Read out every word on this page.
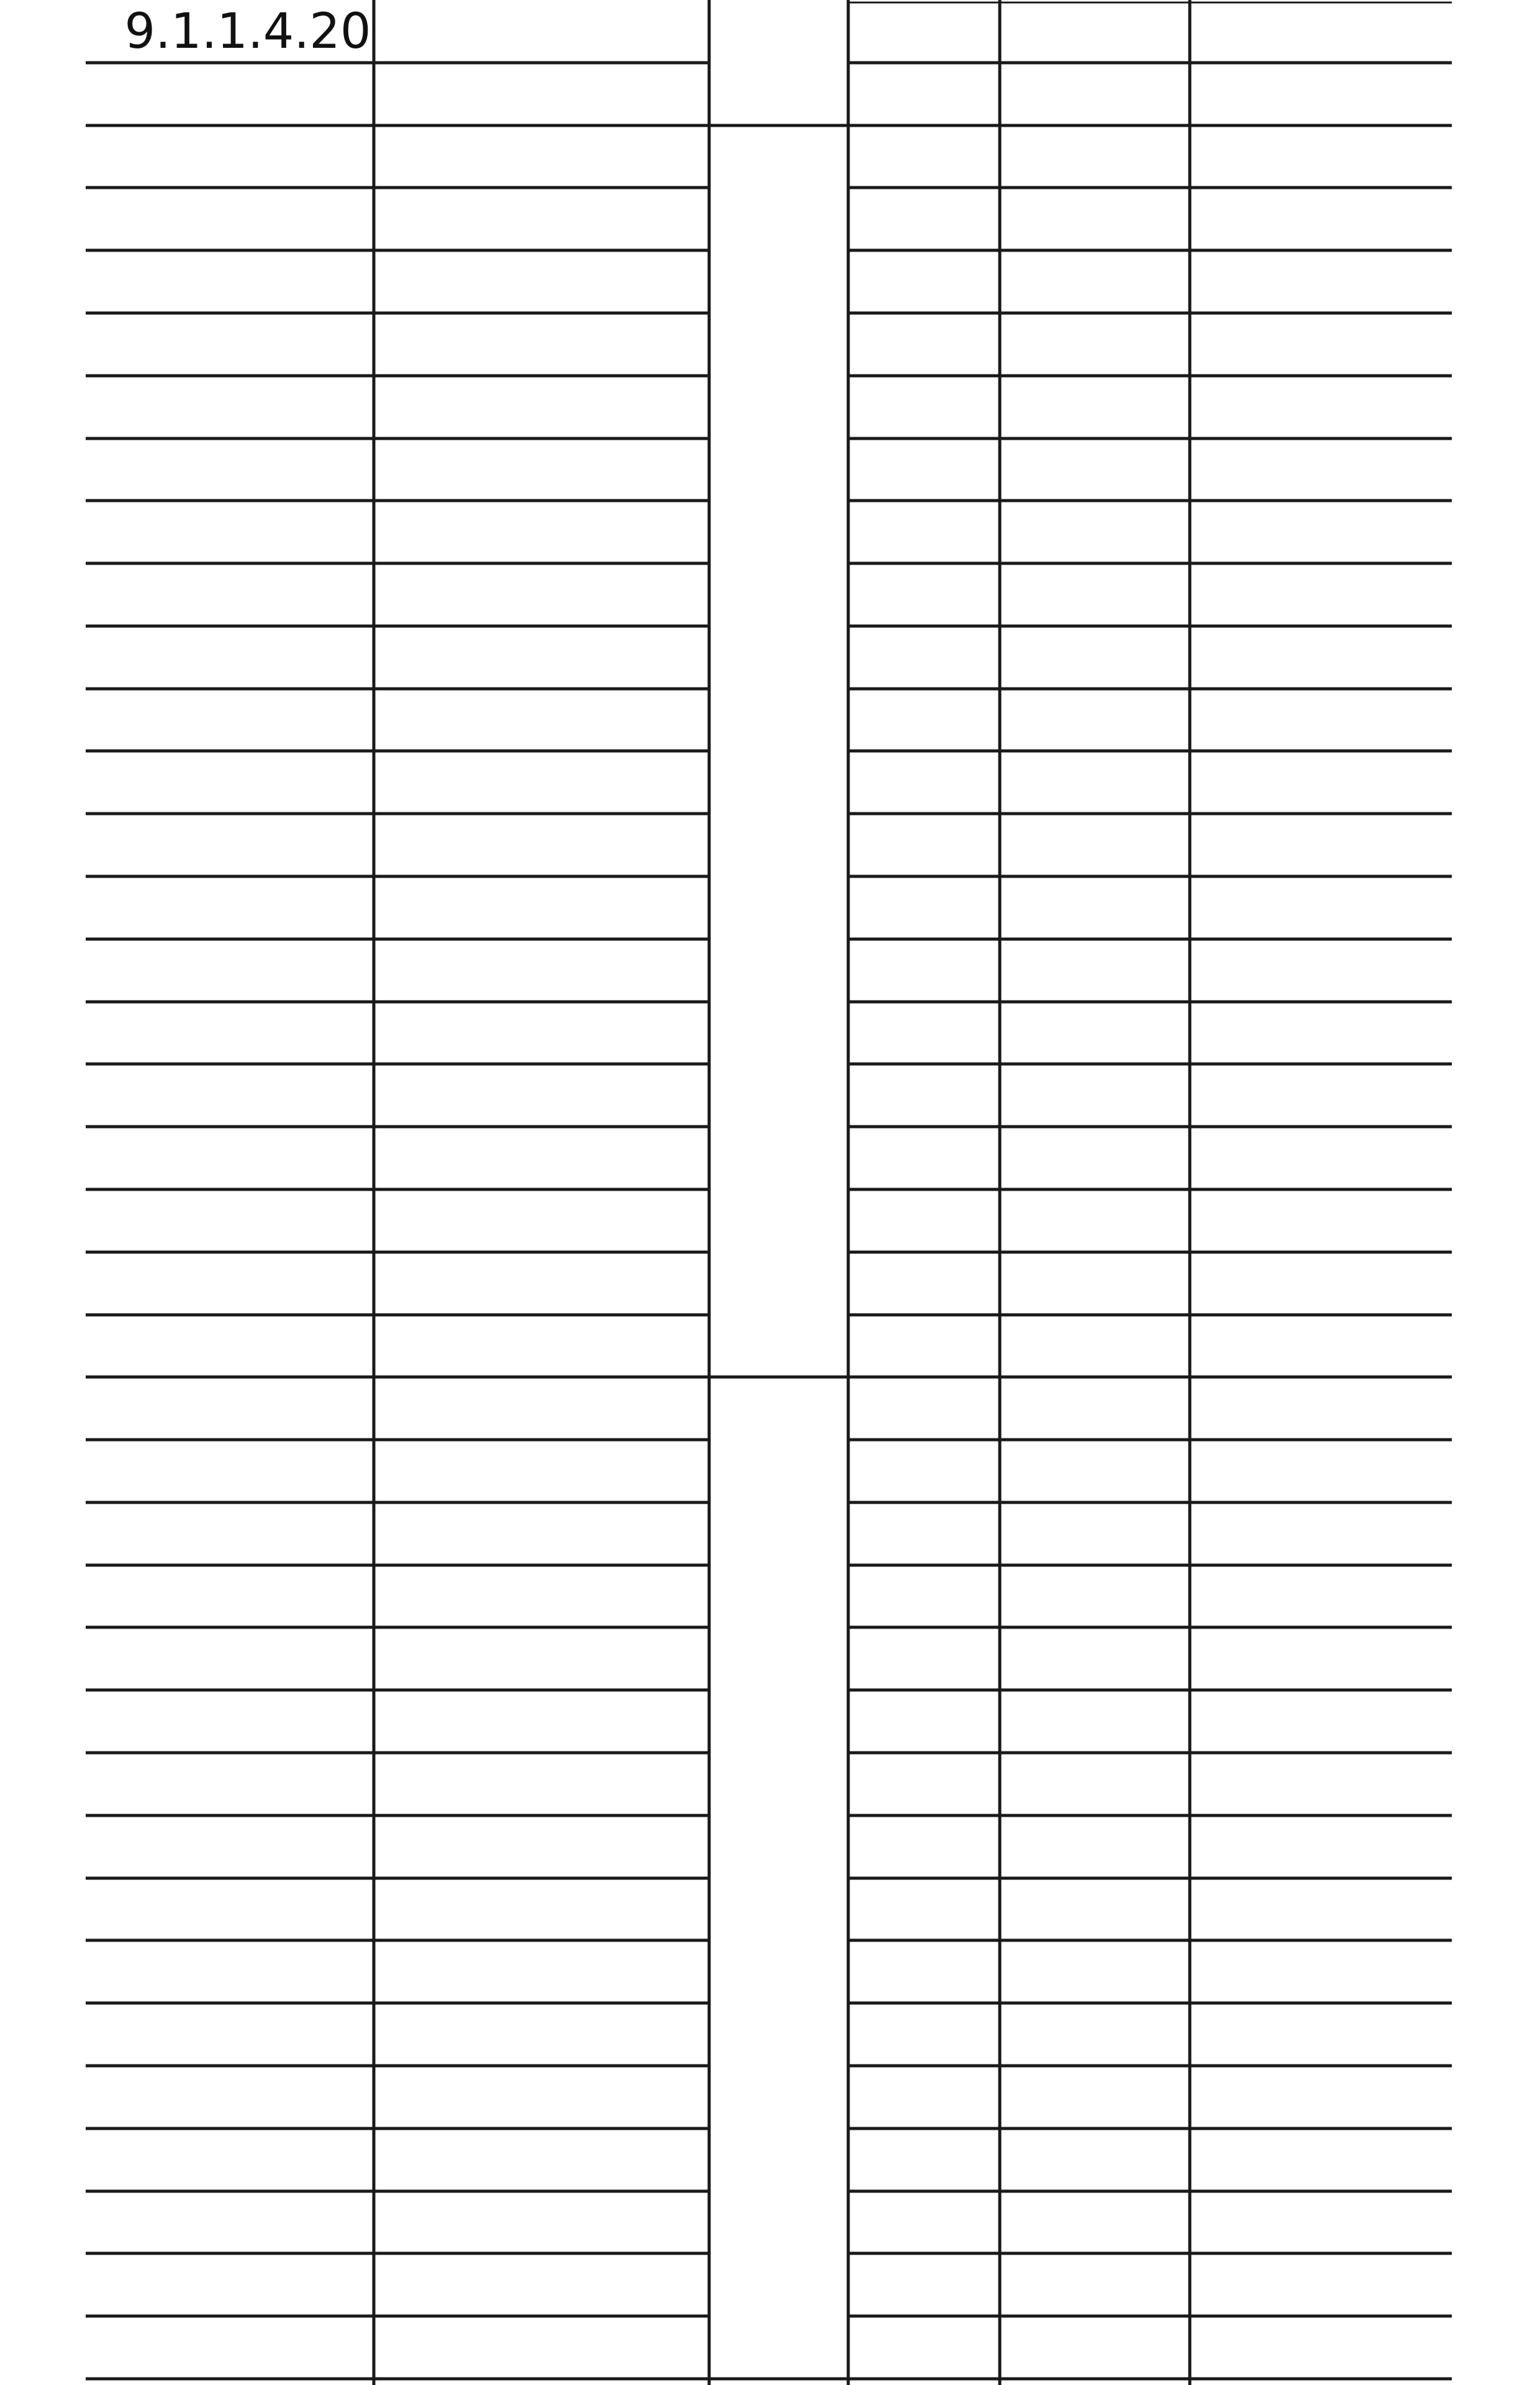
9.1.1.4.20
